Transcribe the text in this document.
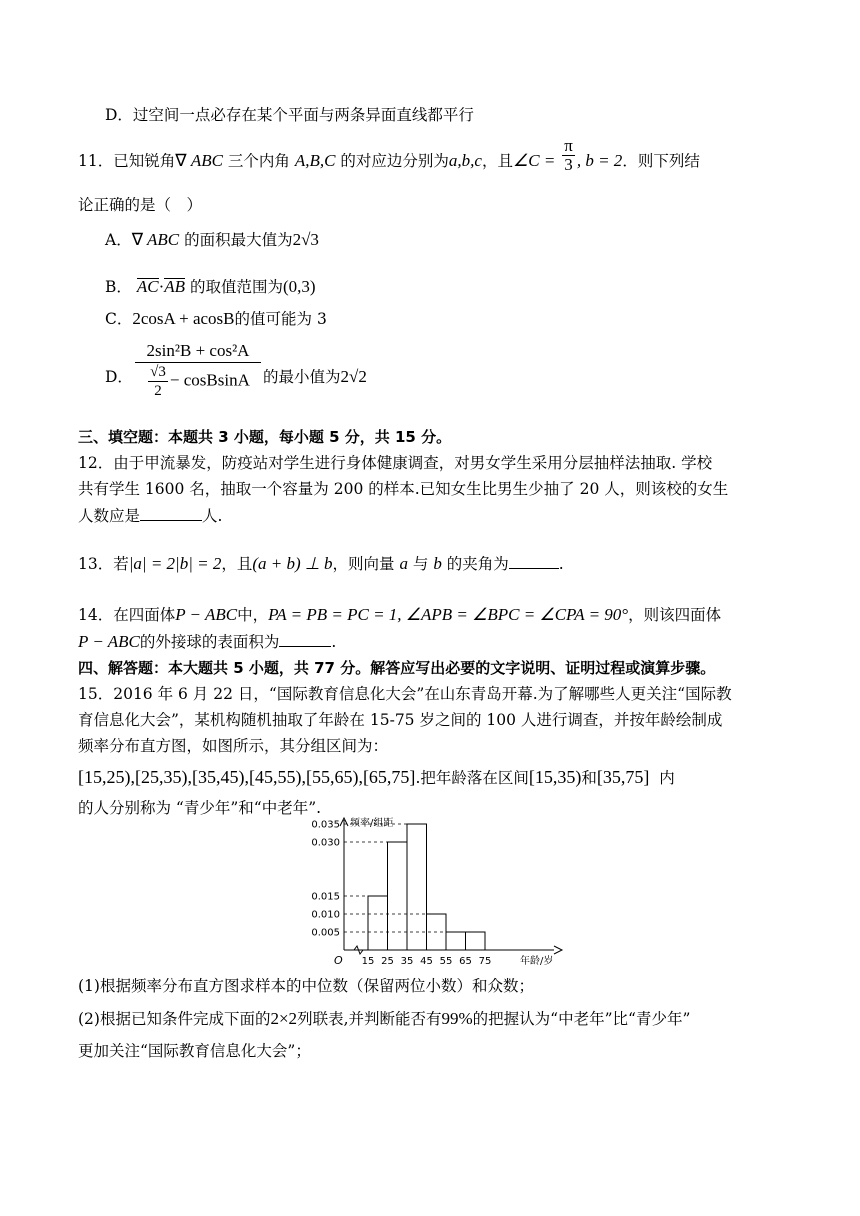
D．过空间一点必存在某个平面与两条异面直线都平行
11．已知锐角∇ ABC 三个内角 A,B,C 的对应边分别为a,b,c，且∠C = $\frac{\pi}{3}$ , b = 2．则下列结
论正确的是（　）
A．∇ ABC 的面积最大值为2√3
B． AC·AB 的取值范围为(0,3)
C．2cosA + acosB的值可能为 3
D． $\frac{\text{2sin²B + cos²A}}{\frac{√3}{2} - cosBsinA}$ 的最小值为2√2
三、填空题：本题共 3 小题，每小题 5 分，共 15 分。
12．由于甲流暴发，防疫站对学生进行身体健康调查，对男女学生采用分层抽样法抽取. 学校
共有学生 1600 名，抽取一个容量为 200 的样本.已知女生比男生少抽了 20 人，则该校的女生
人数应是	人.
13．若|a| = 2|b| = 2，且(a + b) ⊥ b，则向量 a 与 b 的夹角为	.
14．在四面体P − ABC中，PA = PB = PC = 1, ∠APB = ∠BPC = ∠CPA = 90°，则该四面体
P − ABC的外接球的表面积为	.
四、解答题：本大题共 5 小题，共 77 分。解答应写出必要的文字说明、证明过程或演算步骤。
15．2016 年 6 月 22 日，“国际教育信息化大会”在山东青岛开幕.为了解哪些人更关注“国际教
育信息化大会”，某机构随机抽取了年龄在 15-75 岁之间的 100 人进行调查，并按年龄绘制成
频率分布直方图，如图所示，其分组区间为：
[15,25),[25,35),[35,45),[45,55),[55,65),[65,75].把年龄落在区间[15,35)和[35,75] 内
的人分别称为 “青少年”和“中老年”.
0.035
0.030
0.015
0.010
0.005
15 25 35 45 55 65 75
O
频率/组距
年龄/岁
(1)根据频率分布直方图求样本的中位数（保留两位小数）和众数；
(2)根据已知条件完成下面的2×2列联表,并判断能否有99%的把握认为“中老年”比“青少年”
更加关注“国际教育信息化大会”；
